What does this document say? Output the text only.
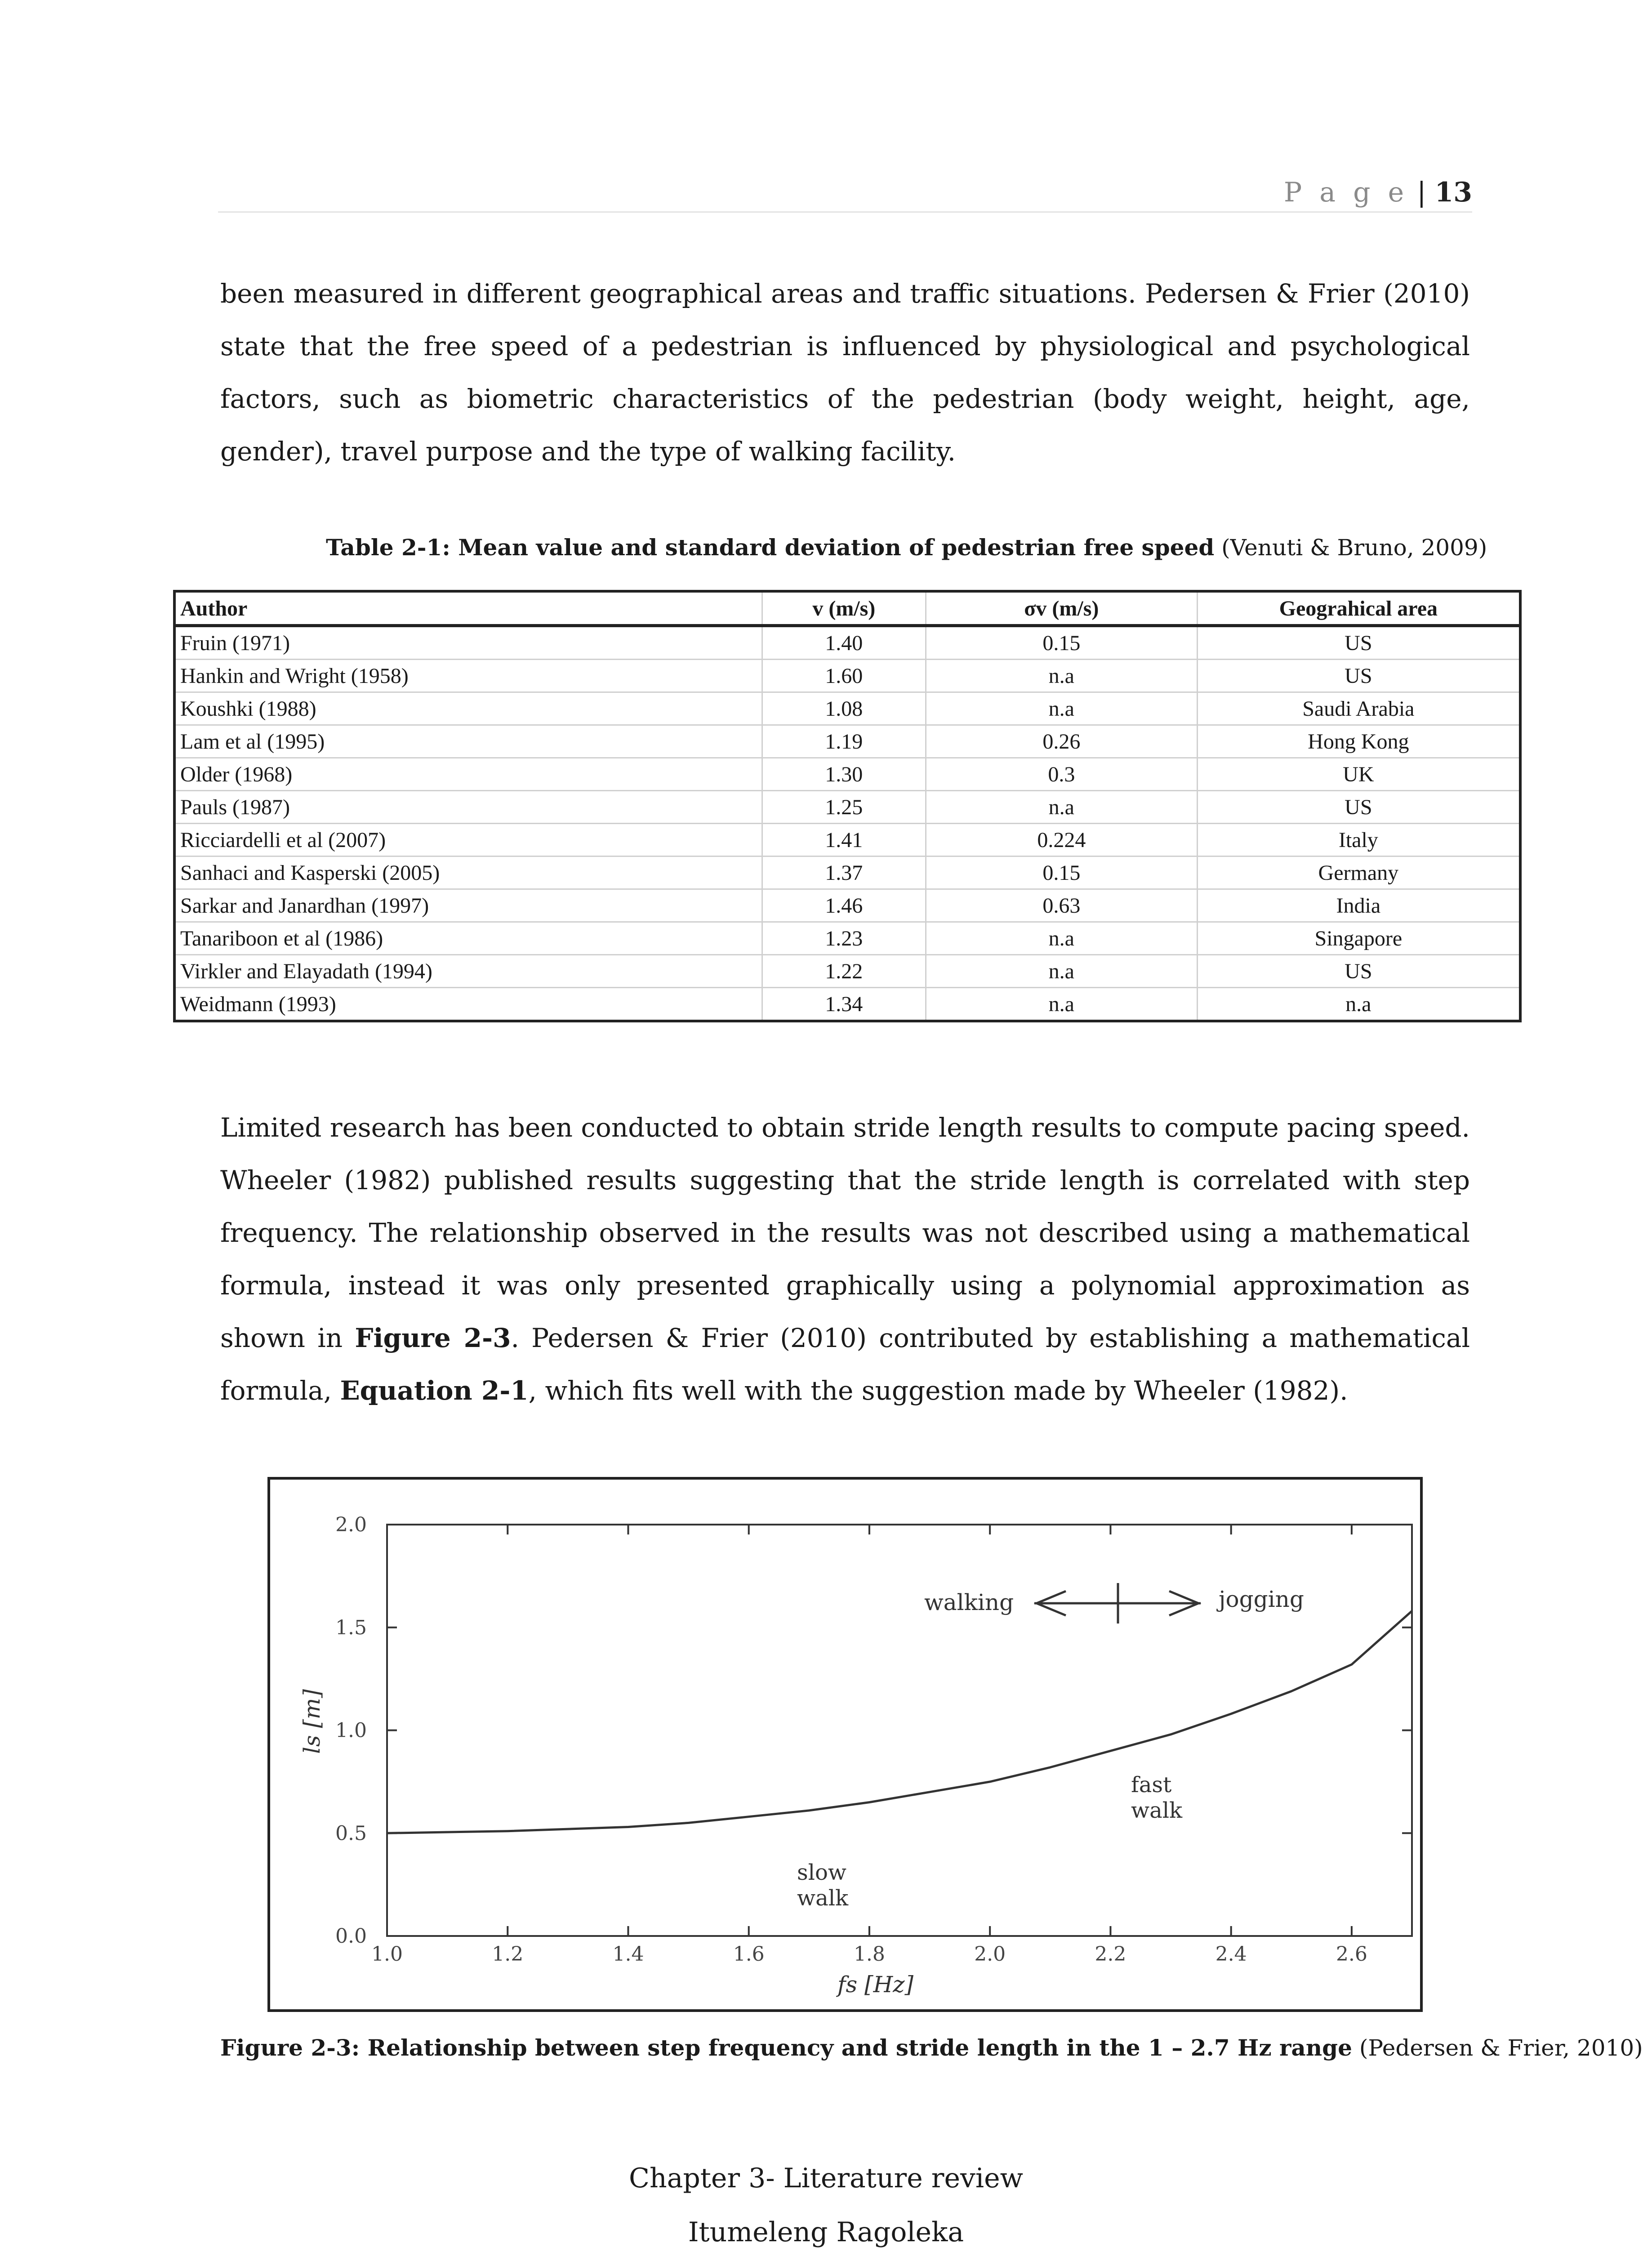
P a g e | 13

been measured in different geographical areas and traffic situations. Pedersen & Frier (2010) state that the free speed of a pedestrian is influenced by physiological and psychological factors, such as biometric characteristics of the pedestrian (body weight, height, age, gender), travel purpose and the type of walking facility.

Table 2-1: Mean value and standard deviation of pedestrian free speed (Venuti & Bruno, 2009)
Author	v (m/s)	σv (m/s)	Geograhical area
Fruin (1971)	1.40	0.15	US
Hankin and Wright (1958)	1.60	n.a	US
Koushki (1988)	1.08	n.a	Saudi Arabia
Lam et al (1995)	1.19	0.26	Hong Kong
Older (1968)	1.30	0.3	UK
Pauls (1987)	1.25	n.a	US
Ricciardelli et al (2007)	1.41	0.224	Italy
Sanhaci and Kasperski (2005)	1.37	0.15	Germany
Sarkar and Janardhan (1997)	1.46	0.63	India
Tanariboon et al (1986)	1.23	n.a	Singapore
Virkler and Elayadath (1994)	1.22	n.a	US
Weidmann (1993)	1.34	n.a	n.a

Limited research has been conducted to obtain stride length results to compute pacing speed. Wheeler (1982) published results suggesting that the stride length is correlated with step frequency. The relationship observed in the results was not described using a mathematical formula, instead it was only presented graphically using a polynomial approximation as shown in Figure 2-3. Pedersen & Frier (2010) contributed by establishing a mathematical formula, Equation 2-1, which fits well with the suggestion made by Wheeler (1982).

1.0	1.2	1.4	1.6	1.8	2.0	2.2	2.4	2.6
0.0
0.5
1.0
1.5
2.0
walking	jogging
fast
walk
slow
walk
fs [Hz]
ls [m]
Figure 2-3: Relationship between step frequency and stride length in the 1 – 2.7 Hz range (Pedersen & Frier, 2010)
Chapter 3- Literature review
Itumeleng Ragoleka
